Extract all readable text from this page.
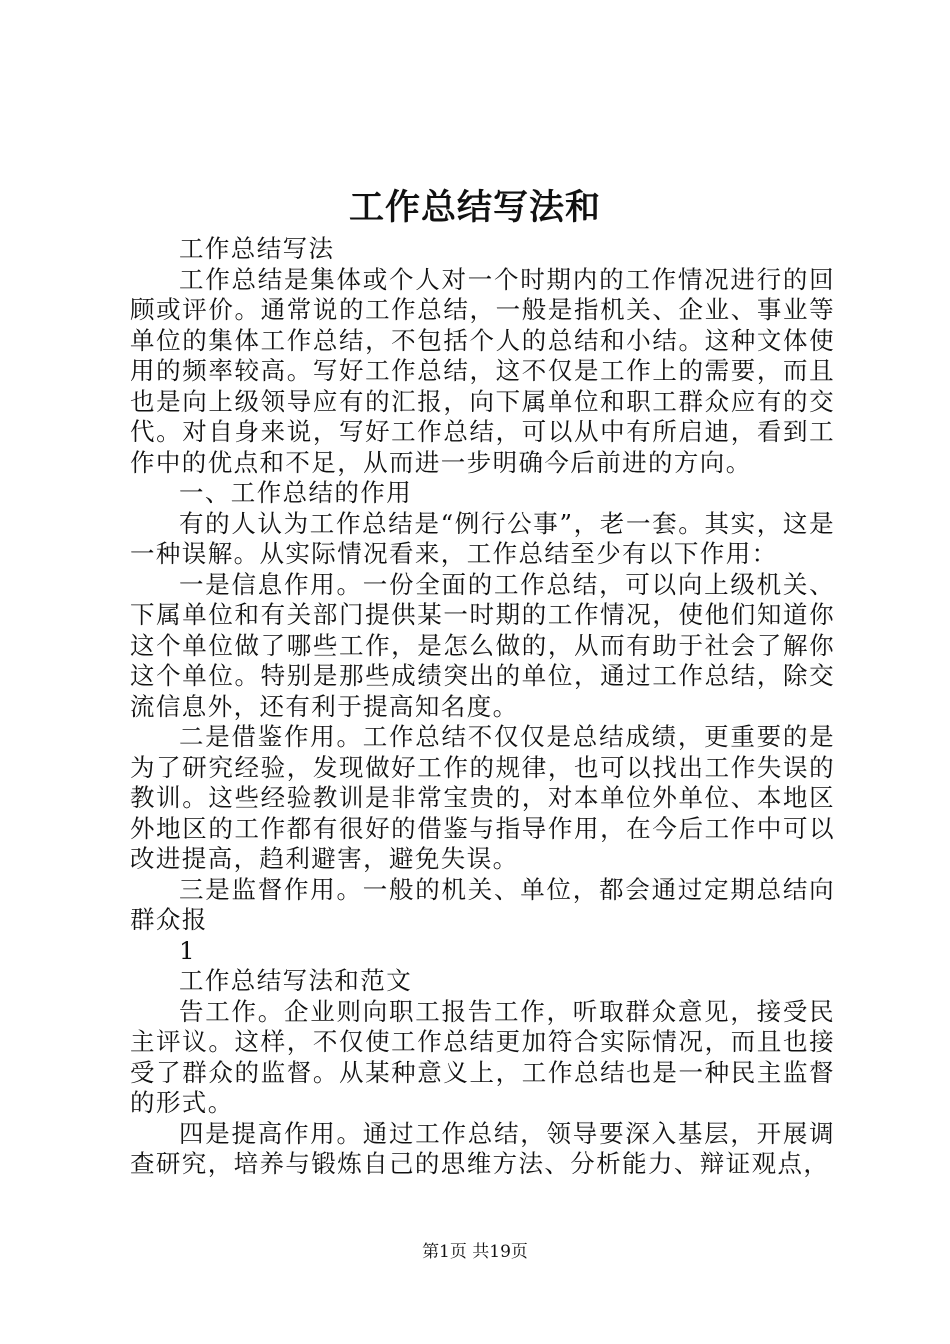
工作总结写法和

工作总结写法

工作总结是集体或个人对一个时期内的工作情况进行的回顾或评价。通常说的工作总结，一般是指机关、企业、事业等单位的集体工作总结，不包括个人的总结和小结。这种文体使用的频率较高。写好工作总结，这不仅是工作上的需要，而且也是向上级领导应有的汇报，向下属单位和职工群众应有的交代。对自身来说，写好工作总结，可以从中有所启迪，看到工作中的优点和不足，从而进一步明确今后前进的方向。

一、工作总结的作用

有的人认为工作总结是“例行公事”，老一套。其实，这是一种误解。从实际情况看来，工作总结至少有以下作用：

一是信息作用。一份全面的工作总结，可以向上级机关、下属单位和有关部门提供某一时期的工作情况，使他们知道你这个单位做了哪些工作，是怎么做的，从而有助于社会了解你这个单位。特别是那些成绩突出的单位，通过工作总结，除交流信息外，还有利于提高知名度。

二是借鉴作用。工作总结不仅仅是总结成绩，更重要的是为了研究经验，发现做好工作的规律，也可以找出工作失误的教训。这些经验教训是非常宝贵的，对本单位外单位、本地区外地区的工作都有很好的借鉴与指导作用，在今后工作中可以改进提高，趋利避害，避免失误。

三是监督作用。一般的机关、单位，都会通过定期总结向群众报

1

工作总结写法和范文

告工作。企业则向职工报告工作，听取群众意见，接受民主评议。这样，不仅使工作总结更加符合实际情况，而且也接受了群众的监督。从某种意义上，工作总结也是一种民主监督的形式。

四是提高作用。通过工作总结，领导要深入基层，开展调查研究，培养与锻炼自己的思维方法、分析能力、辩证观点，

第1页 共19页
